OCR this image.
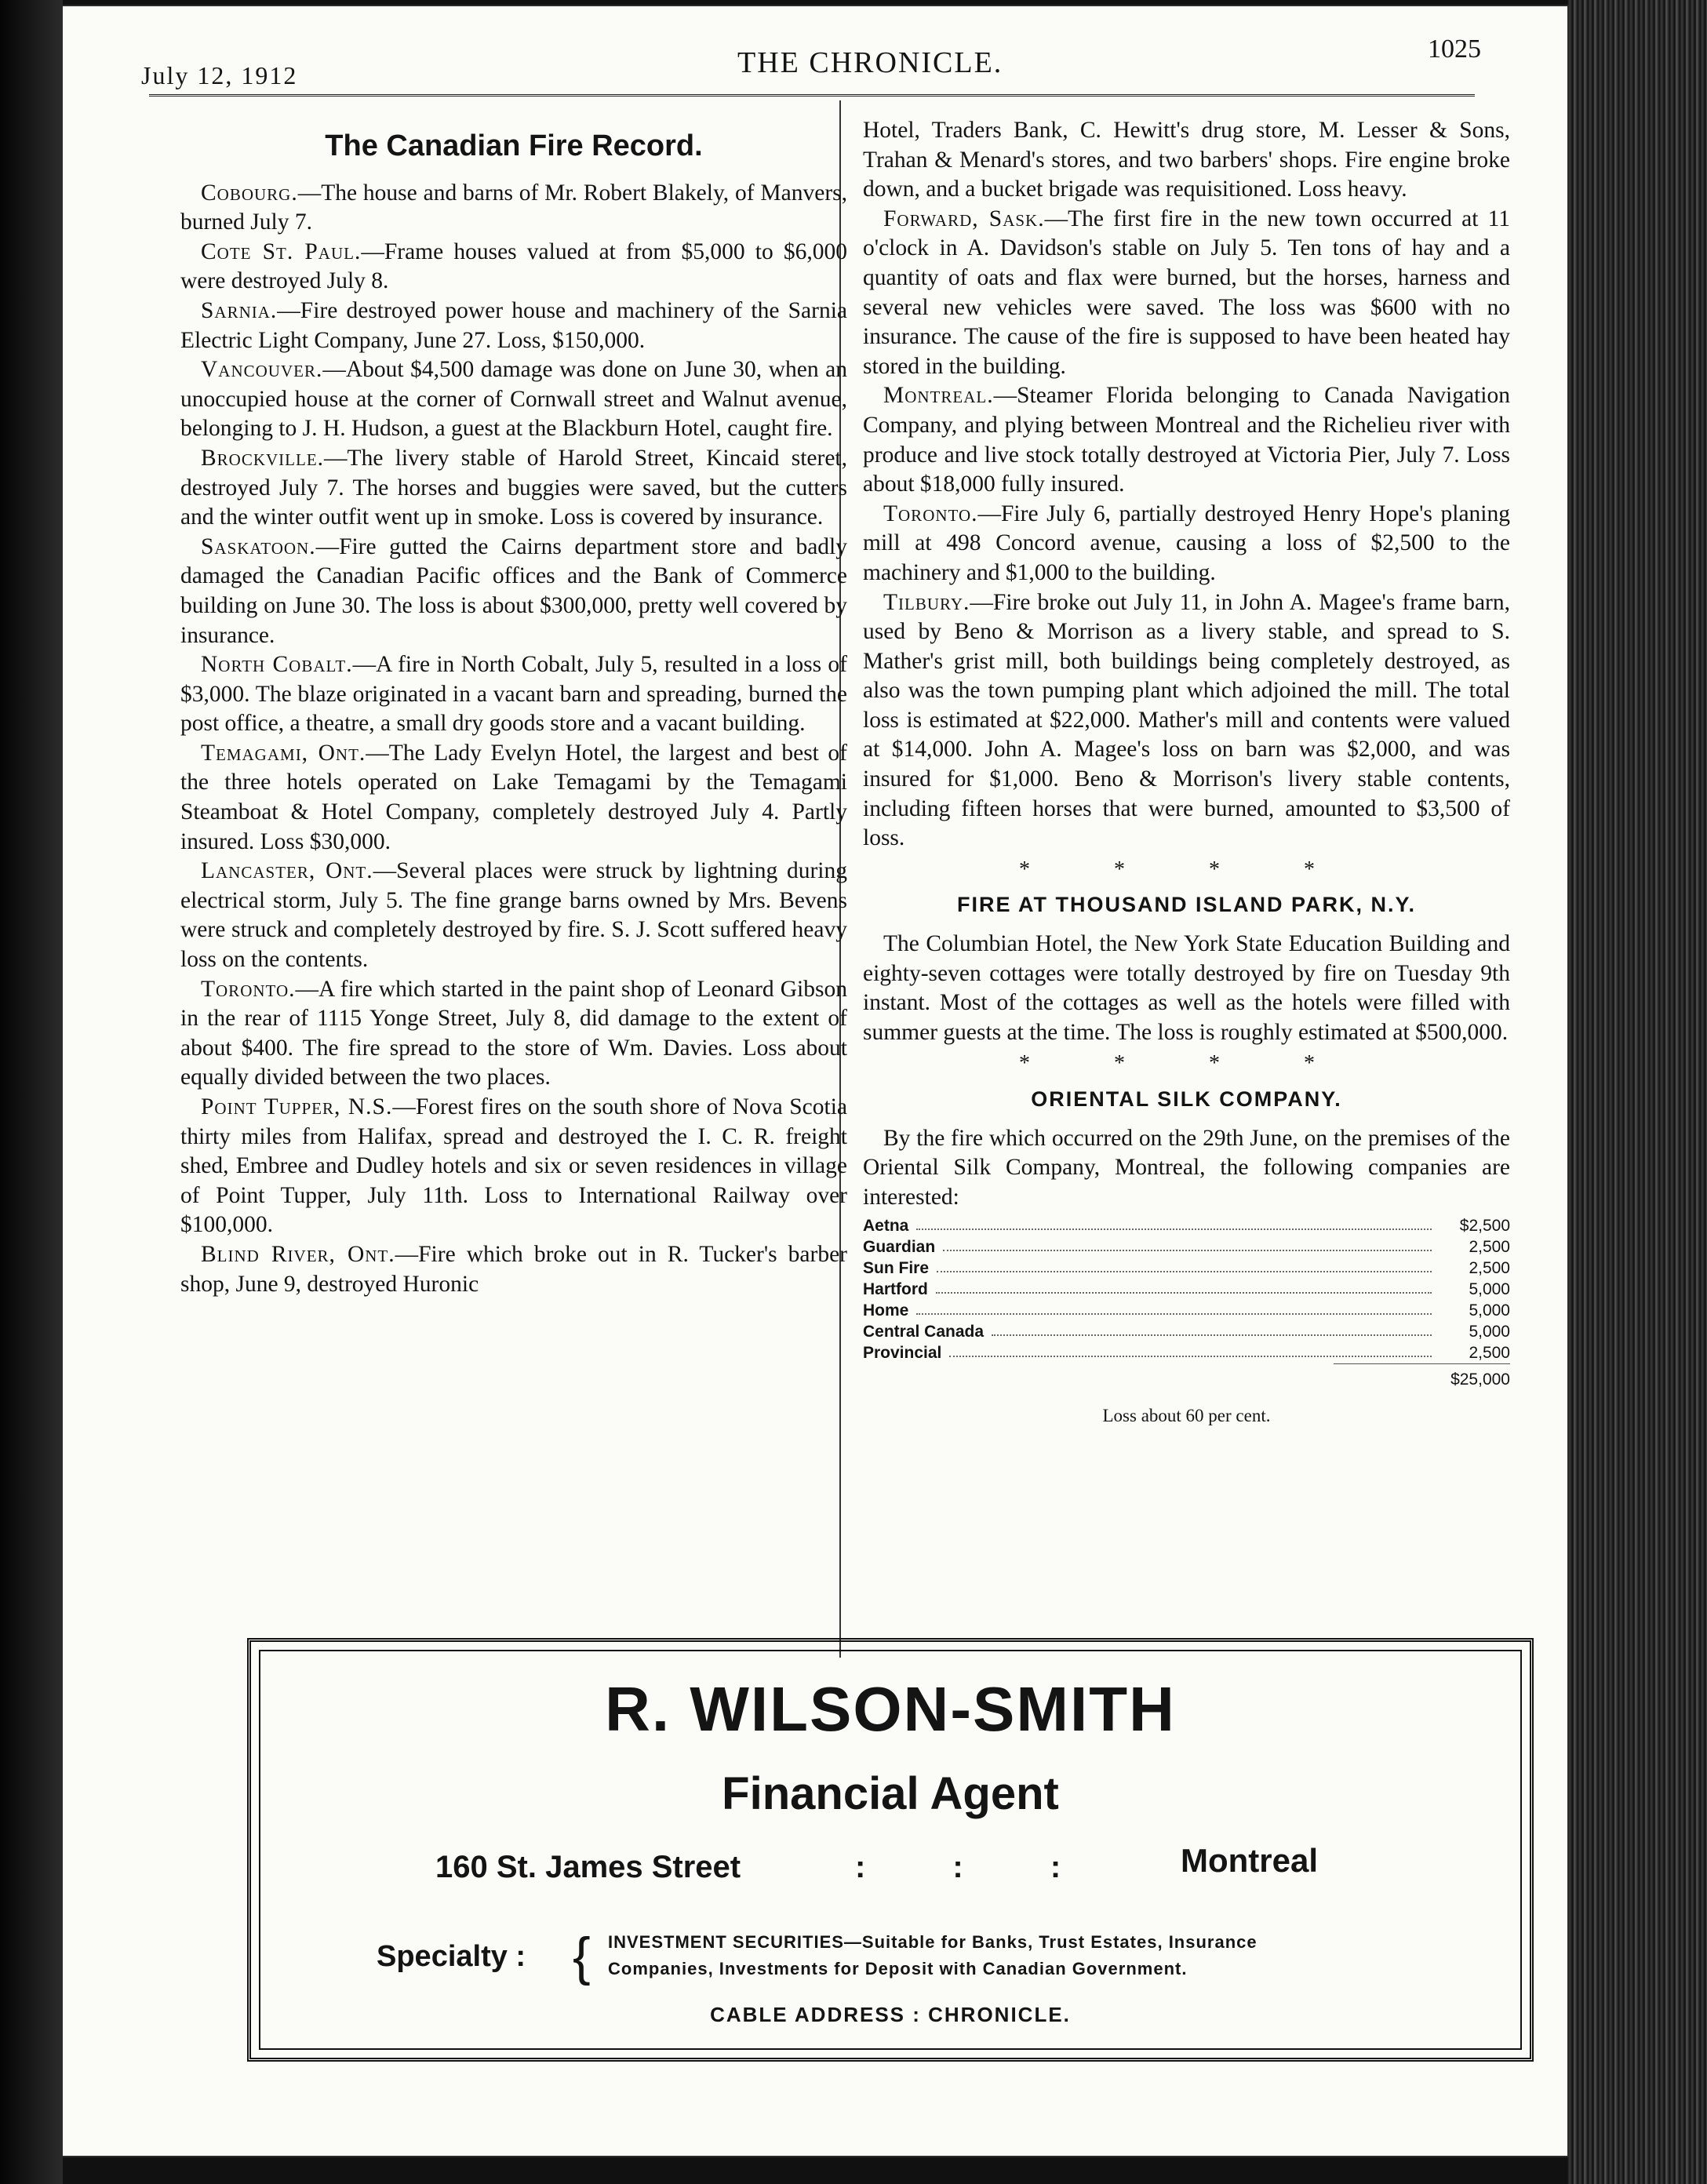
July 12, 1912	THE CHRONICLE.	1025
The Canadian Fire Record.

Cobourg.—The house and barns of Mr. Robert Blakely, of Manvers, burned July 7.

Cote St. Paul.—Frame houses valued at from $5,000 to $6,000 were destroyed July 8.

Sarnia.—Fire destroyed power house and machinery of the Sarnia Electric Light Company, June 27. Loss, $150,000.

Vancouver.—About $4,500 damage was done on June 30, when an unoccupied house at the corner of Cornwall street and Walnut avenue, belonging to J. H. Hudson, a guest at the Blackburn Hotel, caught fire.

Brockville.—The livery stable of Harold Street, Kincaid steret, destroyed July 7. The horses and buggies were saved, but the cutters and the winter outfit went up in smoke. Loss is covered by insurance.

Saskatoon.—Fire gutted the Cairns department store and badly damaged the Canadian Pacific offices and the Bank of Commerce building on June 30. The loss is about $300,000, pretty well covered by insurance.

North Cobalt.—A fire in North Cobalt, July 5, resulted in a loss of $3,000. The blaze originated in a vacant barn and spreading, burned the post office, a theatre, a small dry goods store and a vacant building.

Temagami, Ont.—The Lady Evelyn Hotel, the largest and best of the three hotels operated on Lake Temagami by the Temagami Steamboat & Hotel Company, completely destroyed July 4. Partly insured. Loss $30,000.

Lancaster, Ont.—Several places were struck by lightning during electrical storm, July 5. The fine grange barns owned by Mrs. Bevens were struck and completely destroyed by fire. S. J. Scott suffered heavy loss on the contents.

Toronto.—A fire which started in the paint shop of Leonard Gibson in the rear of 1115 Yonge Street, July 8, did damage to the extent of about $400. The fire spread to the store of Wm. Davies. Loss about equally divided between the two places.

Point Tupper, N.S.—Forest fires on the south shore of Nova Scotia thirty miles from Halifax, spread and destroyed the I. C. R. freight shed, Embree and Dudley hotels and six or seven residences in village of Point Tupper, July 11th. Loss to International Railway over $100,000.

Blind River, Ont.—Fire which broke out in R. Tucker's barber shop, June 9, destroyed Huronic

Hotel, Traders Bank, C. Hewitt's drug store, M. Lesser & Sons, Trahan & Menard's stores, and two barbers' shops. Fire engine broke down, and a bucket brigade was requisitioned. Loss heavy.

Forward, Sask.—The first fire in the new town occurred at 11 o'clock in A. Davidson's stable on July 5. Ten tons of hay and a quantity of oats and flax were burned, but the horses, harness and several new vehicles were saved. The loss was $600 with no insurance. The cause of the fire is supposed to have been heated hay stored in the building.

Montreal.—Steamer Florida belonging to Canada Navigation Company, and plying between Montreal and the Richelieu river with produce and live stock totally destroyed at Victoria Pier, July 7. Loss about $18,000 fully insured.

Toronto.—Fire July 6, partially destroyed Henry Hope's planing mill at 498 Concord avenue, causing a loss of $2,500 to the machinery and $1,000 to the building.

Tilbury.—Fire broke out July 11, in John A. Magee's frame barn, used by Beno & Morrison as a livery stable, and spread to S. Mather's grist mill, both buildings being completely destroyed, as also was the town pumping plant which adjoined the mill. The total loss is estimated at $22,000. Mather's mill and contents were valued at $14,000. John A. Magee's loss on barn was $2,000, and was insured for $1,000. Beno & Morrison's livery stable contents, including fifteen horses that were burned, amounted to $3,500 of loss.

* * * *
FIRE AT THOUSAND ISLAND PARK, N.Y.

The Columbian Hotel, the New York State Education Building and eighty-seven cottages were totally destroyed by fire on Tuesday 9th instant. Most of the cottages as well as the hotels were filled with summer guests at the time. The loss is roughly estimated at $500,000.

* * * *
ORIENTAL SILK COMPANY.

By the fire which occurred on the 29th June, on the premises of the Oriental Silk Company, Montreal, the following companies are interested:

Aetna	$2,500
Guardian	2,500
Sun Fire	2,500
Hartford	5,000
Home	5,000
Central Canada	5,000
Provincial	2,500
$25,000
Loss about 60 per cent.
R. WILSON-SMITH
Financial Agent
160 St. James Street	: : : Montreal
Specialty : { INVESTMENT SECURITIES—Suitable for Banks, Trust Estates, Insurance
Companies, Investments for Deposit with Canadian Government.
CABLE ADDRESS : CHRONICLE.
